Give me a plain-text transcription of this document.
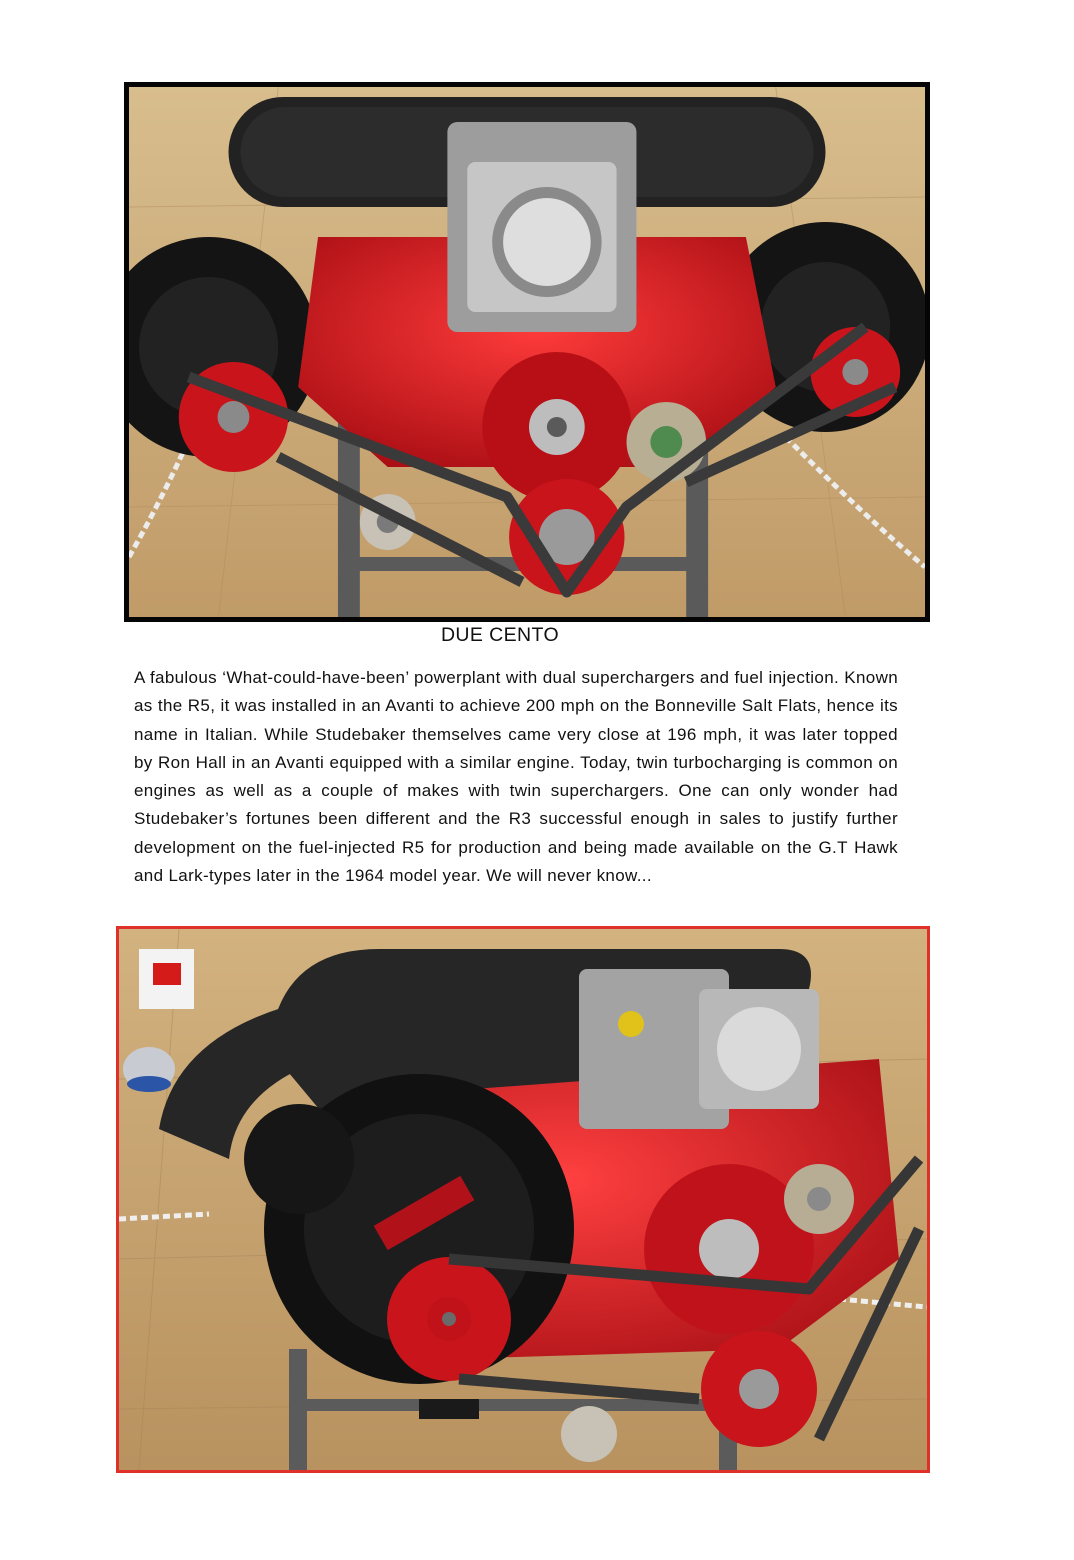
DUE CENTO

A fabulous ‘What-could-have-been’ powerplant with dual superchargers and fuel injection. Known as the R5, it was installed in an Avanti to achieve 200 mph on the Bonneville Salt Flats, hence its name in Italian. While Studebaker themselves came very close at 196 mph, it was later topped by Ron Hall in an Avanti equipped with a similar engine. Today, twin turbocharging is common on engines as well as a couple of makes with twin superchargers. One can only wonder had Studebaker’s fortunes been different and the R3 successful enough in sales to justify further development on the fuel-injected R5 for production and being made available on the G.T Hawk and Lark-types later in the 1964 model year. We will never know...
